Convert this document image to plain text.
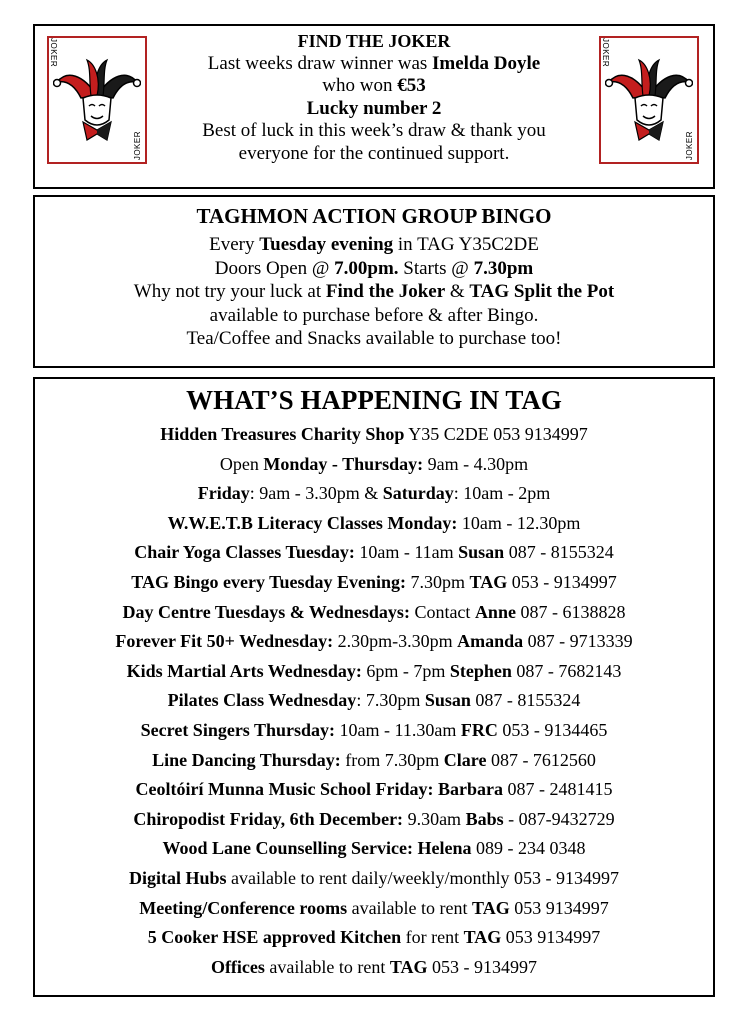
JOKER
JOKER
FIND THE JOKER
Last weeks draw winner was Imelda Doyle
who won €53
Lucky number 2
Best of luck in this week’s draw & thank you
everyone for the continued support.
JOKER
JOKER
TAGHMON ACTION GROUP BINGO
Every Tuesday evening in TAG Y35C2DE
Doors Open @ 7.00pm. Starts @ 7.30pm
Why not try your luck at Find the Joker & TAG Split the Pot
available to purchase before & after Bingo.
Tea/Coffee and Snacks available to purchase too!
WHAT’S HAPPENING IN TAG
Hidden Treasures Charity Shop Y35 C2DE 053 9134997
Open Monday - Thursday: 9am - 4.30pm
Friday: 9am - 3.30pm & Saturday: 10am - 2pm
W.W.E.T.B Literacy Classes Monday: 10am - 12.30pm
Chair Yoga Classes Tuesday: 10am - 11am Susan 087 - 8155324
TAG Bingo every Tuesday Evening: 7.30pm TAG 053 - 9134997
Day Centre Tuesdays & Wednesdays: Contact Anne 087 - 6138828
Forever Fit 50+ Wednesday: 2.30pm-3.30pm Amanda 087 - 9713339
Kids Martial Arts Wednesday: 6pm - 7pm Stephen 087 - 7682143
Pilates Class Wednesday: 7.30pm Susan 087 - 8155324
Secret Singers Thursday: 10am - 11.30am FRC 053 - 9134465
Line Dancing Thursday: from 7.30pm Clare 087 - 7612560
Ceoltóirí Munna Music School Friday: Barbara 087 - 2481415
Chiropodist Friday, 6th December: 9.30am Babs - 087-9432729
Wood Lane Counselling Service: Helena 089 - 234 0348
Digital Hubs available to rent daily/weekly/monthly 053 - 9134997
Meeting/Conference rooms available to rent TAG 053 9134997
5 Cooker HSE approved Kitchen for rent TAG 053 9134997
Offices available to rent TAG 053 - 9134997
